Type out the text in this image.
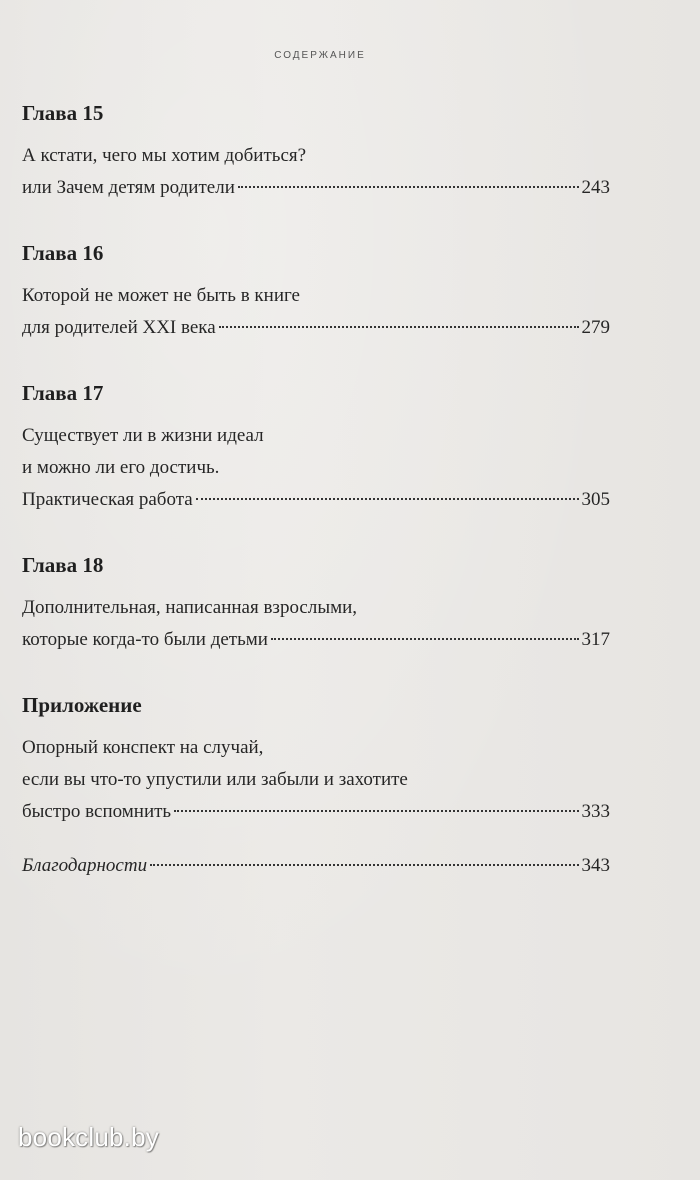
СОДЕРЖАНИЕ
Глава 15
А кстати, чего мы хотим добиться?
или Зачем детям родители	243
Глава 16
Которой не может не быть в книге
для родителей XXI века	279
Глава 17
Существует ли в жизни идеал
и можно ли его достичь.
Практическая работа	305
Глава 18
Дополнительная, написанная взрослыми,
которые когда-то были детьми	317
Приложение
Опорный конспект на случай,
если вы что-то упустили или забыли и захотите
быстро вспомнить	333
Благодарности	343
bookclub.by
